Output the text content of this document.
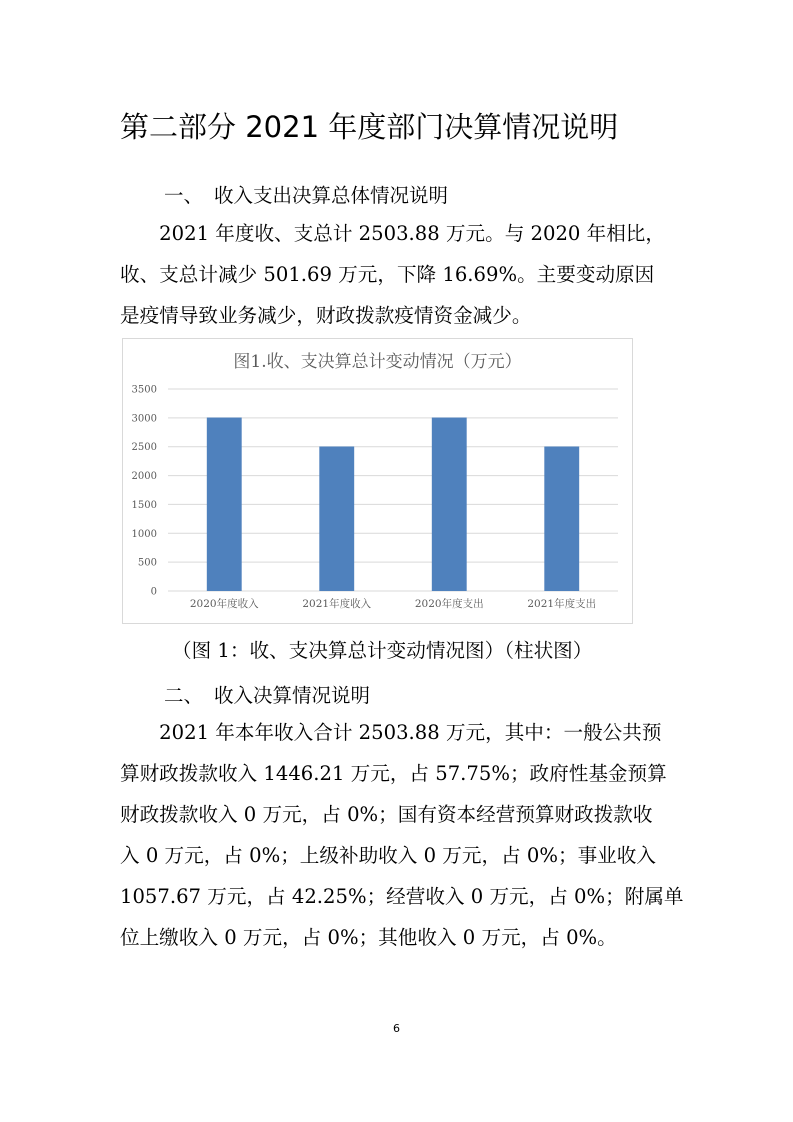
第二部分 2021 年度部门决算情况说明
一、 收入支出决算总体情况说明

　　2021 年度收、支总计 2503.88 万元。与 2020 年相比，

收、支总计减少 501.69 万元，下降 16.69%。主要变动原因

是疫情导致业务减少，财政拨款疫情资金减少。

图1.收、支决算总计变动情况（万元）
3500
3000
2500
2000
1500
1000
500
0
2020年度收入	2021年度收入	2020年度支出	2021年度支出
（图 1：收、支决算总计变动情况图）（柱状图）
二、 收入决算情况说明

　　2021 年本年收入合计 2503.88 万元，其中：一般公共预

算财政拨款收入 1446.21 万元，占 57.75%；政府性基金预算

财政拨款收入 0 万元，占 0%；国有资本经营预算财政拨款收

入 0 万元，占 0%；上级补助收入 0 万元，占 0%；事业收入

1057.67 万元，占 42.25%；经营收入 0 万元，占 0%；附属单

位上缴收入 0 万元，占 0%；其他收入 0 万元，占 0%。

6
